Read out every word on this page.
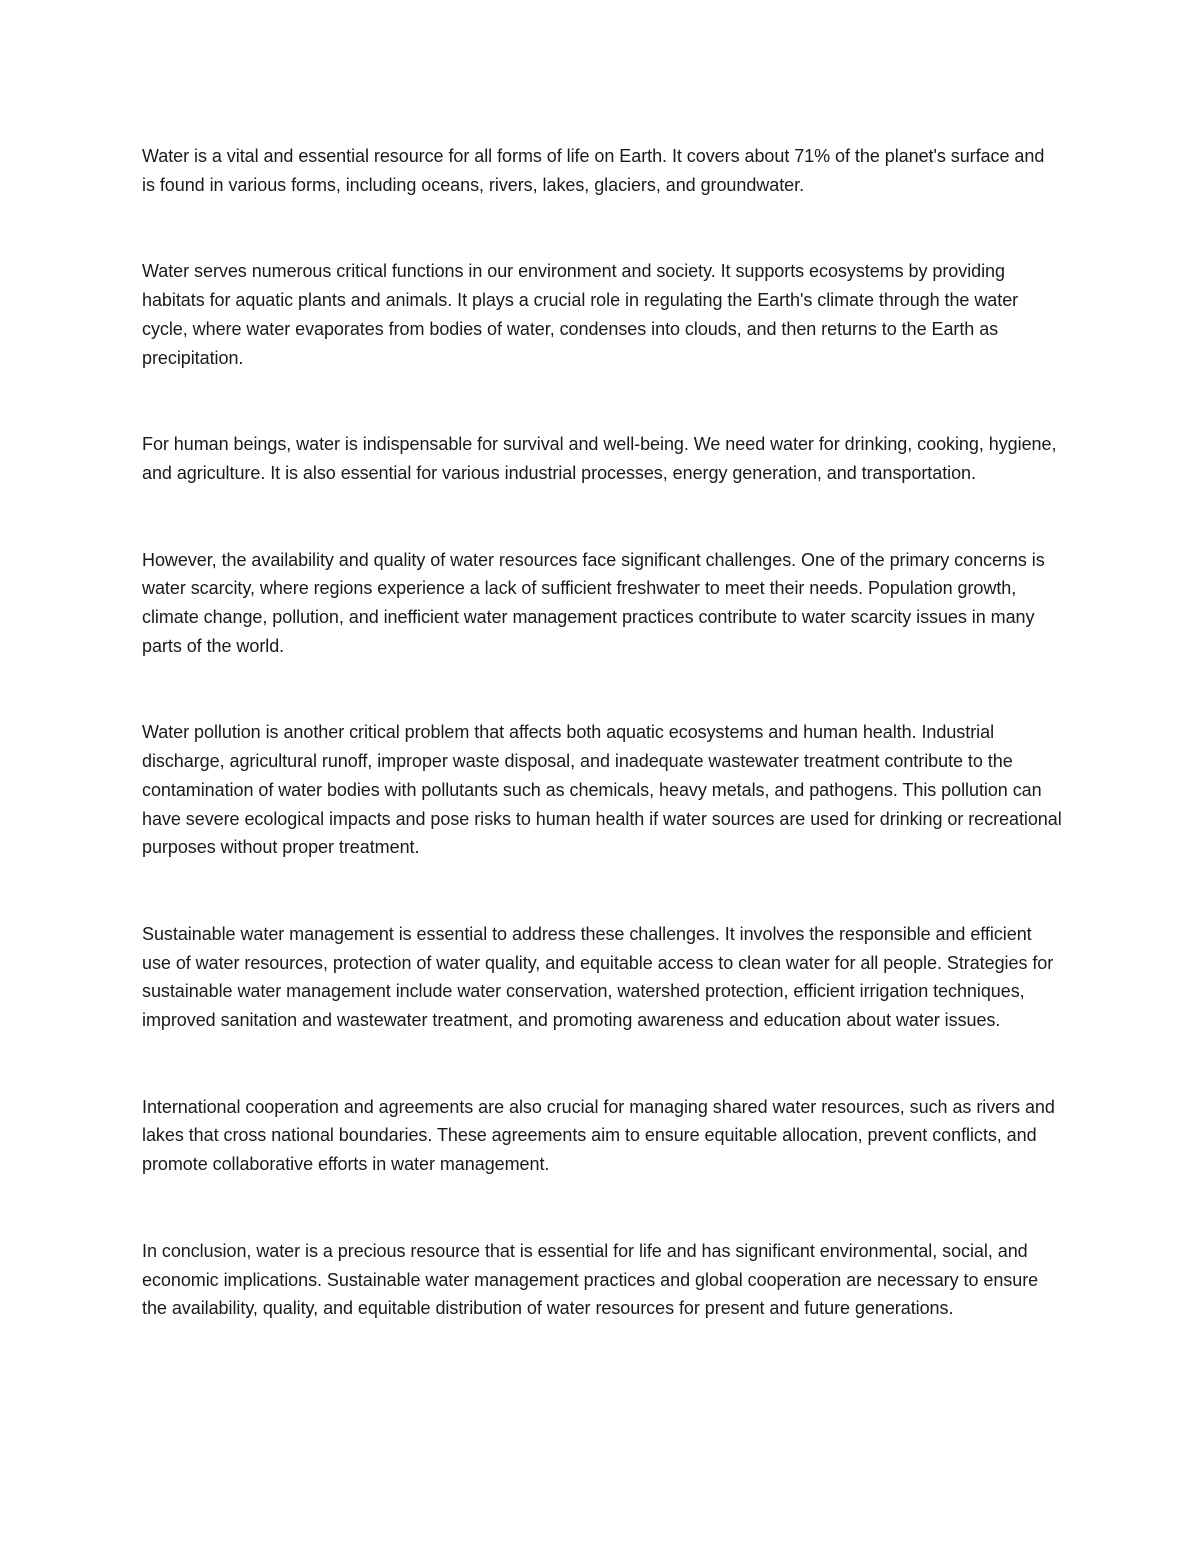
Water is a vital and essential resource for all forms of life on Earth. It covers about 71% of the planet's surface and is found in various forms, including oceans, rivers, lakes, glaciers, and groundwater.

Water serves numerous critical functions in our environment and society. It supports ecosystems by providing habitats for aquatic plants and animals. It plays a crucial role in regulating the Earth's climate through the water cycle, where water evaporates from bodies of water, condenses into clouds, and then returns to the Earth as precipitation.

For human beings, water is indispensable for survival and well-being. We need water for drinking, cooking, hygiene, and agriculture. It is also essential for various industrial processes, energy generation, and transportation.

However, the availability and quality of water resources face significant challenges. One of the primary concerns is water scarcity, where regions experience a lack of sufficient freshwater to meet their needs. Population growth, climate change, pollution, and inefficient water management practices contribute to water scarcity issues in many parts of the world.

Water pollution is another critical problem that affects both aquatic ecosystems and human health. Industrial discharge, agricultural runoff, improper waste disposal, and inadequate wastewater treatment contribute to the contamination of water bodies with pollutants such as chemicals, heavy metals, and pathogens. This pollution can have severe ecological impacts and pose risks to human health if water sources are used for drinking or recreational purposes without proper treatment.

Sustainable water management is essential to address these challenges. It involves the responsible and efficient use of water resources, protection of water quality, and equitable access to clean water for all people. Strategies for sustainable water management include water conservation, watershed protection, efficient irrigation techniques, improved sanitation and wastewater treatment, and promoting awareness and education about water issues.

International cooperation and agreements are also crucial for managing shared water resources, such as rivers and lakes that cross national boundaries. These agreements aim to ensure equitable allocation, prevent conflicts, and promote collaborative efforts in water management.

In conclusion, water is a precious resource that is essential for life and has significant environmental, social, and economic implications. Sustainable water management practices and global cooperation are necessary to ensure the availability, quality, and equitable distribution of water resources for present and future generations.
